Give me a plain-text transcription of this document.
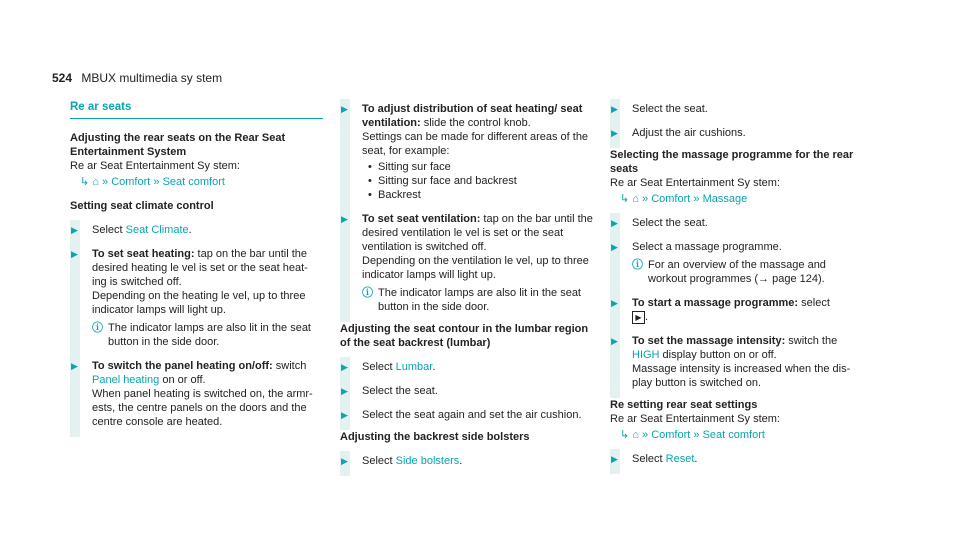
524 MBUX multimedia sy stem
Re ar seats

Adjusting the rear seats on the Rear Seat Entertainment System

Re ar Seat Entertainment Sy stem:

↳ ⌂ » Comfort » Seat comfort

Setting seat climate control

▶ Select Seat Climate.
▶ To set seat heating: tap on the bar until the desired heating le vel is set or the seat heat- ing is switched off.
Depending on the heating le vel, up to three indicator lamps will light up.
ⓘ The indicator lamps are also lit in the seat button in the side door.
▶ To switch the panel heating on/off: switch Panel heating on or off.
When panel heating is switched on, the armr- ests, the centre panels on the doors and the centre console are heated.
▶ To adjust distribution of seat heating/ seat ventilation: slide the control knob.
Settings can be made for different areas of the seat, for example:
• Sitting sur face
• Sitting sur face and backrest
• Backrest
▶ To set seat ventilation: tap on the bar until the desired ventilation le vel is set or the seat ventilation is switched off.
Depending on the ventilation le vel, up to three indicator lamps will light up.
ⓘ The indicator lamps are also lit in the seat button in the side door.

Adjusting the seat contour in the lumbar region of the seat backrest (lumbar)

▶ Select Lumbar.
▶ Select the seat.
▶ Select the seat again and set the air cushion.

Adjusting the backrest side bolsters

▶ Select Side bolsters.
▶ Select the seat.
▶ Adjust the air cushions.

Selecting the massage programme for the rear seats

Re ar Seat Entertainment Sy stem:

↳ ⌂ » Comfort » Massage
▶ Select the seat.
▶ Select a massage programme.
ⓘ For an overview of the massage and workout programmes (→ page 124).
▶ To start a massage programme: select
▶ .
▶ To set the massage intensity: switch the
HIGH display button on or off.
Massage intensity is increased when the dis- play button is switched on.

Re setting rear seat settings

Re ar Seat Entertainment Sy stem:

↳ ⌂ » Comfort » Seat comfort
▶ Select Reset.
